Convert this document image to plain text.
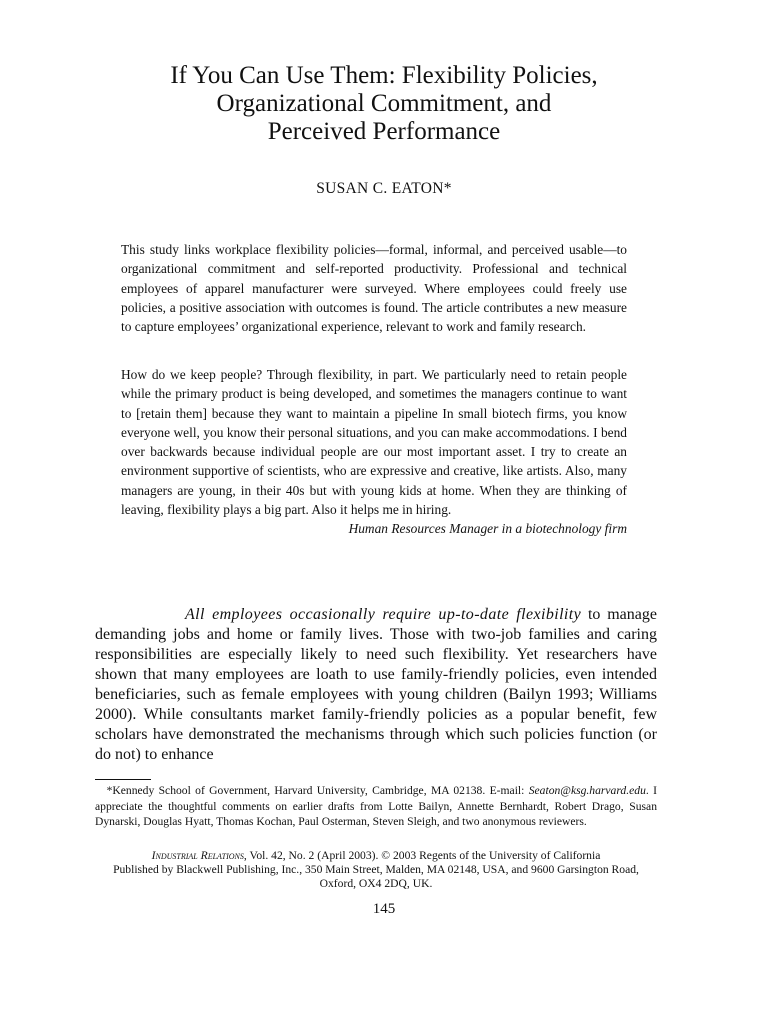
If You Can Use Them: Flexibility Policies,
Organizational Commitment, and
Perceived Performance
SUSAN C. EATON*

This study links workplace flexibility policies—formal, informal, and perceived usable—to organizational commitment and self-reported productivity. Professional and technical employees of apparel manufacturer were surveyed. Where employees could freely use policies, a positive association with outcomes is found. The article contributes a new measure to capture employees’ organizational experience, relevant to work and family research.

How do we keep people? Through flexibility, in part. We particularly need to retain people while the primary product is being developed, and sometimes the managers continue to want to [retain them] because they want to maintain a pipeline In small biotech firms, you know everyone well, you know their personal situations, and you can make accommodations. I bend over backwards because individual people are our most important asset. I try to create an environment supportive of scientists, who are expressive and creative, like artists. Also, many managers are young, in their 40s but with young kids at home. When they are thinking of leaving, flexibility plays a big part. Also it helps me in hiring.

Human Resources Manager in a biotechnology firm

All employees occasionally require up-to-date flexibility to manage demanding jobs and home or family lives. Those with two-job families and caring responsibilities are especially likely to need such flexibility. Yet researchers have shown that many employees are loath to use family-friendly policies, even intended beneficiaries, such as female employees with young children (Bailyn 1993; Williams 2000). While consultants market family-friendly policies as a popular benefit, few scholars have demonstrated the mechanisms through which such policies function (or do not) to enhance

 *Kennedy School of Government, Harvard University, Cambridge, MA 02138. E-mail: Seaton@ksg.harvard.edu. I appreciate the thoughtful comments on earlier drafts from Lotte Bailyn, Annette Bernhardt, Robert Drago, Susan Dynarski, Douglas Hyatt, Thomas Kochan, Paul Osterman, Steven Sleigh, and two anonymous reviewers.

Industrial Relations, Vol. 42, No. 2 (April 2003). © 2003 Regents of the University of California
Published by Blackwell Publishing, Inc., 350 Main Street, Malden, MA 02148, USA, and 9600 Garsington Road, Oxford, OX4 2DQ, UK.

145
